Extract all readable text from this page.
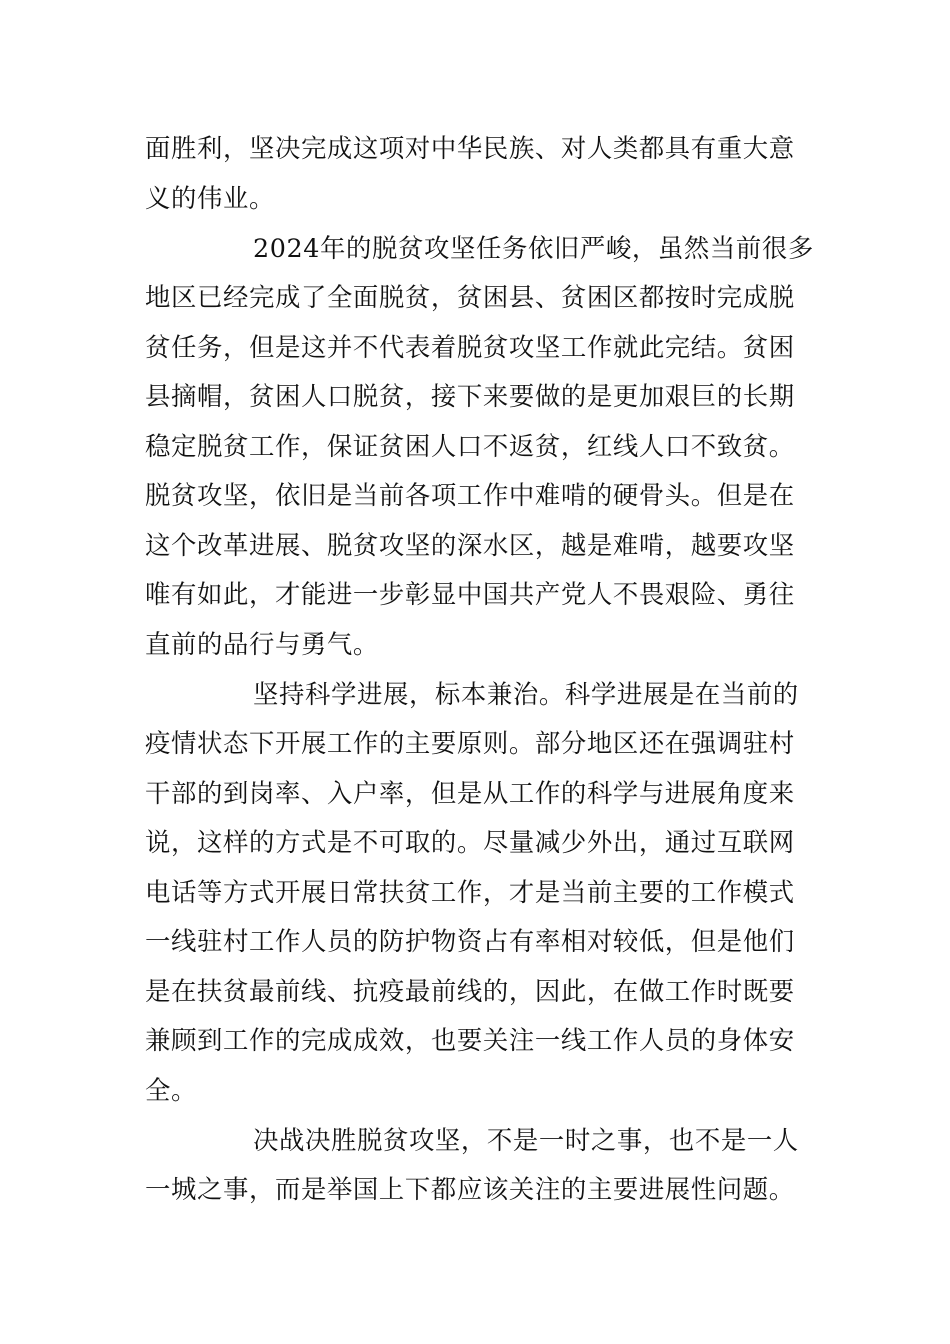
面胜利，坚决完成这项对中华民族、对人类都具有重大意
义的伟业。
2024年的脱贫攻坚任务依旧严峻，虽然当前很多
地区已经完成了全面脱贫，贫困县、贫困区都按时完成脱
贫任务，但是这并不代表着脱贫攻坚工作就此完结。贫困
县摘帽，贫困人口脱贫，接下来要做的是更加艰巨的长期
稳定脱贫工作，保证贫困人口不返贫，红线人口不致贫。
脱贫攻坚，依旧是当前各项工作中难啃的硬骨头。但是在
这个改革进展、脱贫攻坚的深水区，越是难啃，越要攻坚
唯有如此，才能进一步彰显中国共产党人不畏艰险、勇往
直前的品行与勇气。
坚持科学进展，标本兼治。科学进展是在当前的
疫情状态下开展工作的主要原则。部分地区还在强调驻村
干部的到岗率、入户率，但是从工作的科学与进展角度来
说，这样的方式是不可取的。尽量减少外出，通过互联网
电话等方式开展日常扶贫工作，才是当前主要的工作模式
一线驻村工作人员的防护物资占有率相对较低，但是他们
是在扶贫最前线、抗疫最前线的，因此，在做工作时既要
兼顾到工作的完成成效，也要关注一线工作人员的身体安
全。
决战决胜脱贫攻坚，不是一时之事，也不是一人
一城之事，而是举国上下都应该关注的主要进展性问题。
